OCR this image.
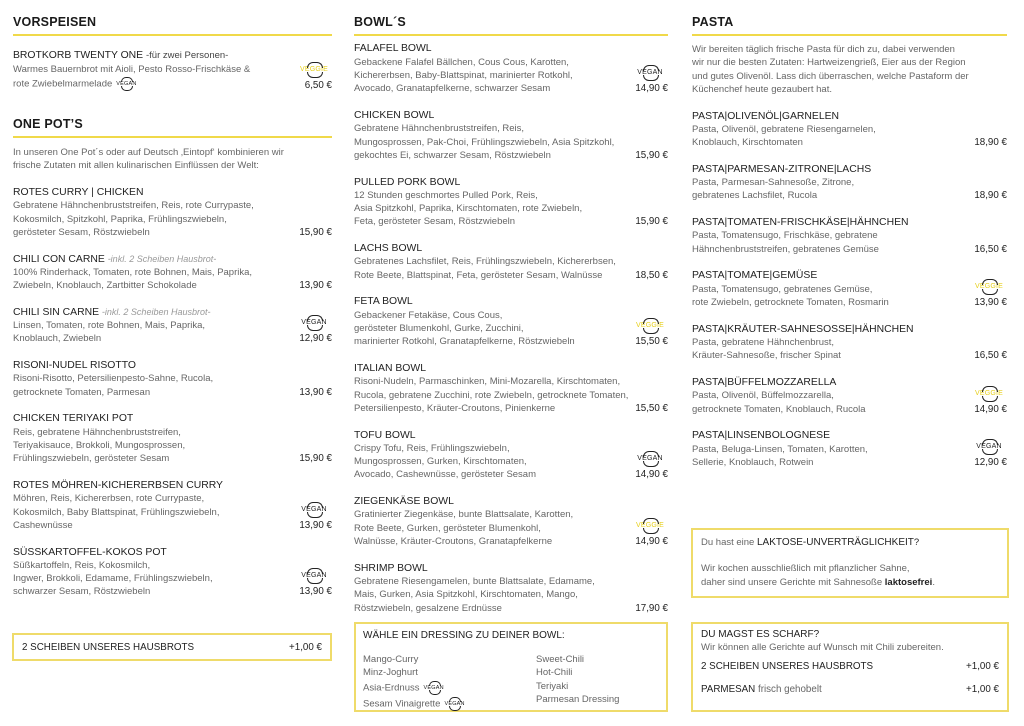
VORSPEISEN
BROTKORB TWENTY ONE -für zwei Personen-
Warmes Bauernbrot mit Aioli, Pesto Rosso-Frischkäse &
rote Zwiebelmarmelade VEGAN
VEGGIE
6,50 €
ONE POT’S
In unseren One Pot´s oder auf Deutsch ‚Eintopf‘ kombinieren wir
frische Zutaten mit allen kulinarischen Einflüssen der Welt:
ROTES CURRY | CHICKEN
Gebratene Hähnchenbruststreifen, Reis, rote Currypaste,
Kokosmilch, Spitzkohl, Paprika, Frühlingszwiebeln,
gerösteter Sesam, Röstzwiebeln	15,90 €
CHILI CON CARNE -inkl. 2 Scheiben Hausbrot-
100% Rinderhack, Tomaten, rote Bohnen, Mais, Paprika,
Zwiebeln, Knoblauch, Zartbitter Schokolade	13,90 €
CHILI SIN CARNE -inkl. 2 Scheiben Hausbrot-
Linsen, Tomaten, rote Bohnen, Mais, Paprika,
Knoblauch, Zwiebeln
VEGAN
12,90 €
RISONI-NUDEL RISOTTO
Risoni-Risotto, Petersilienpesto-Sahne, Rucola,
getrocknete Tomaten, Parmesan	13,90 €
CHICKEN TERIYAKI POT
Reis, gebratene Hähnchenbruststreifen,
Teriyakisauce, Brokkoli, Mungosprossen,
Frühlingszwiebeln, gerösteter Sesam	15,90 €
ROTES MÖHREN-KICHERERBSEN CURRY
Möhren, Reis, Kichererbsen, rote Currypaste,
Kokosmilch, Baby Blattspinat, Frühlingszwiebeln,
Cashewnüsse
VEGAN
13,90 €
SÜSSKARTOFFEL-KOKOS POT
Süßkartoffeln, Reis, Kokosmilch,
Ingwer, Brokkoli, Edamame, Frühlingszwiebeln,
schwarzer Sesam, Röstzwiebeln
VEGAN
13,90 €
2 SCHEIBEN UNSERES HAUSBROTS	+1,00 €
BOWL´S
FALAFEL BOWL
Gebackene Falafel Bällchen, Cous Cous, Karotten,
Kichererbsen, Baby-Blattspinat, marinierter Rotkohl,
Avocado, Granatapfelkerne, schwarzer Sesam
VEGAN
14,90 €
CHICKEN BOWL
Gebratene Hähnchenbruststreifen, Reis,
Mungosprossen, Pak-Choi, Frühlingszwiebeln, Asia Spitzkohl,
gekochtes Ei, schwarzer Sesam, Röstzwiebeln	15,90 €
PULLED PORK BOWL
12 Stunden geschmortes Pulled Pork, Reis,
Asia Spitzkohl, Paprika, Kirschtomaten, rote Zwiebeln,
Feta, gerösteter Sesam, Röstzwiebeln	15,90 €
LACHS BOWL
Gebratenes Lachsfilet, Reis, Frühlingszwiebeln, Kichererbsen,
Rote Beete, Blattspinat, Feta, gerösteter Sesam, Walnüsse	18,50 €
FETA BOWL
Gebackener Fetakäse, Cous Cous,
gerösteter Blumenkohl, Gurke, Zucchini,
marinierter Rotkohl, Granatapfelkerne, Röstzwiebeln
VEGGIE
15,50 €
ITALIAN BOWL
Risoni-Nudeln, Parmaschinken, Mini-Mozarella, Kirschtomaten,
Rucola, gebratene Zucchini, rote Zwiebeln, getrocknete Tomaten,
Petersilienpesto, Kräuter-Croutons, Pinienkerne	15,50 €
TOFU BOWL
Crispy Tofu, Reis, Frühlingszwiebeln,
Mungosprossen, Gurken, Kirschtomaten,
Avocado, Cashewnüsse, gerösteter Sesam
VEGAN
14,90 €
ZIEGENKÄSE BOWL
Gratinierter Ziegenkäse, bunte Blattsalate, Karotten,
Rote Beete, Gurken, gerösteter Blumenkohl,
Walnüsse, Kräuter-Croutons, Granatapfelkerne
VEGGIE
14,90 €
SHRIMP BOWL
Gebratene Riesengamelen, bunte Blattsalate, Edamame,
Mais, Gurken, Asia Spitzkohl, Kirschtomaten, Mango,
Röstzwiebeln, gesalzene Erdnüsse	17,90 €
WÄHLE EIN DRESSING ZU DEINER BOWL:
Mango-Curry
Minz-Joghurt
Asia-Erdnuss VEGAN
Sesam Vinaigrette VEGAN
Sweet-Chili
Hot-Chili
Teriyaki
Parmesan Dressing
PASTA
Wir bereiten täglich frische Pasta für dich zu, dabei verwenden
wir nur die besten Zutaten: Hartweizengrieß, Eier aus der Region
und gutes Olivenöl. Lass dich überraschen, welche Pastaform der
Küchenchef heute gezaubert hat.
PASTA|OLIVENÖL|GARNELEN
Pasta, Olivenöl, gebratene Riesengarnelen,
Knoblauch, Kirschtomaten	18,90 €
PASTA|PARMESAN-ZITRONE|LACHS
Pasta, Parmesan-Sahnesoße, Zitrone,
gebratenes Lachsfilet, Rucola	18,90 €
PASTA|TOMATEN-FRISCHKÄSE|HÄHNCHEN
Pasta, Tomatensugo, Frischkäse, gebratene
Hähnchenbruststreifen, gebratenes Gemüse	16,50 €
PASTA|TOMATE|GEMÜSE
Pasta, Tomatensugo, gebratenes Gemüse,
rote Zwiebeln, getrocknete Tomaten, Rosmarin
VEGGIE
13,90 €
PASTA|KRÄUTER-SAHNESOSSE|HÄHNCHEN
Pasta, gebratene Hähnchenbrust,
Kräuter-Sahnesoße, frischer Spinat	16,50 €
PASTA|BÜFFELMOZZARELLA
Pasta, Olivenöl, Büffelmozzarella,
getrocknete Tomaten, Knoblauch, Rucola
VEGGIE
14,90 €
PASTA|LINSENBOLOGNESE
Pasta, Beluga-Linsen, Tomaten, Karotten,
Sellerie, Knoblauch, Rotwein
VEGAN
12,90 €
Du hast eine LAKTOSE-UNVERTRÄGLICHKEIT?
Wir kochen ausschließlich mit pflanzlicher Sahne,
daher sind unsere Gerichte mit Sahnesoße laktosefrei.
DU MAGST ES SCHARF?
Wir können alle Gerichte auf Wunsch mit Chili zubereiten.
2 SCHEIBEN UNSERES HAUSBROTS	+1,00 €
PARMESAN frisch gehobelt	+1,00 €
